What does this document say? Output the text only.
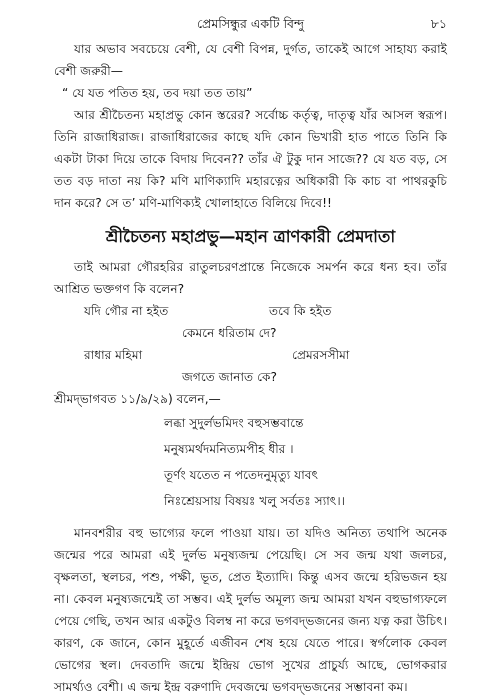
প্রেমসিন্ধুর একটি বিন্দু	৮১

যার অভাব সবচেয়ে বেশী, যে বেশী বিপন্ন, দুর্গত, তাকেই আগে সাহায্য করাই বেশী জরুরী—

“ যে যত পতিত হয়, তব দয়া তত তায়”

আর শ্রীচৈতন্য মহাপ্রভু কোন স্তরের? সর্বোচ্চ কর্তৃত্ব, দাতৃত্ব যাঁর আসল স্বরূপ। তিনি রাজাধিরাজ। রাজাধিরাজের কাছে যদি কোন ভিখারী হাত পাতে তিনি কি একটা টাকা দিয়ে তাকে বিদায় দিবেন?? তাঁর ঐ টুকু দান সাজে?? যে যত বড়, সে তত বড় দাতা নয় কি? মণি মাণিক্যাদি মহারত্নের অধিকারী কি কাচ বা পাথরকুচি দান করে? সে ত’ মণি-মাণিক্যই খোলাহাতে বিলিয়ে দিবে!!

শ্রীচৈতন্য মহাপ্রভু—মহান ত্রাণকারী প্রেমদাতা

তাই আমরা গৌরহরির রাতুলচরণপ্রান্তে নিজেকে সমর্পন করে ধন্য হব। তাঁর আশ্রিত ভক্তগণ কি বলেন?

যদি গৌর না হইত	তবে কি হইত
কেমনে ধরিতাম দে?
রাধার মহিমা	প্রেমরসসীমা
জগতে জানাত কে?

শ্রীমদ্‌ভাগবত ১১/৯/২৯) বলেন,—

লব্ধা সুদুর্লভমিদং বহুসম্ভবান্তে

মনুষ্যমর্থদমনিত্যমপীহ ধীর ।

তূর্ণং যতেত ন পতেদনুমৃত্যু যাবৎ

নিঃশ্রেয়সায় বিষয়ঃ খলু সর্বতঃ স্যাৎ।।

মানবশরীর বহু ভাগ্যের ফলে পাওয়া যায়। তা যদিও অনিত্য তথাপি অনেক জন্মের পরে আমরা এই দুর্লভ মনুষ্যজন্ম পেয়েছি। সে সব জন্ম যথা জলচর, বৃক্ষলতা, স্থলচর, পশু, পক্ষী, ভূত, প্রেত ইত্যাদি। কিন্তু এসব জন্মে হরিভজন হয় না। কেবল মনুষ্যজন্মেই তা সম্ভব। এই দুর্লভ অমূল্য জন্ম আমরা যখন বহুভাগ্যফলে পেয়ে গেছি, তখন আর একটুও বিলম্ব না করে ভগবদ্‌ভজনের জন্য যত্ন করা উচিৎ। কারণ, কে জানে, কোন মুহূর্তে এজীবন শেষ হয়ে যেতে পারে। স্বর্গলোক কেবল ভোগের স্থল। দেবতাদি জন্মে ইন্দ্রিয় ভোগ সুখের প্রাচুর্য্য আছে, ভোগকরার সামর্থ্যও বেশী। এ জন্ম ইন্দ্র বরুণাদি দেবজন্মে ভগবদ্‌ভজনের সম্ভাবনা কম।
